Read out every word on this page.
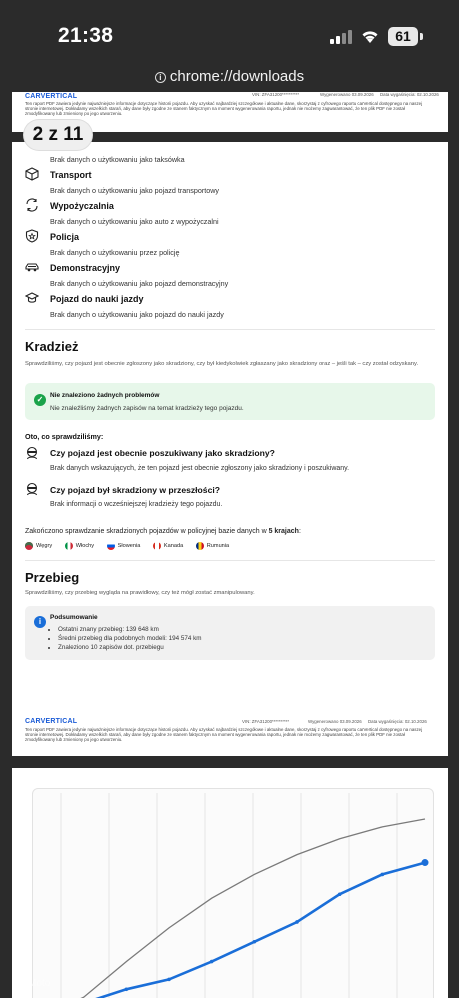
21:38	61
i chrome://downloads
CARVERTICAL	VIN: ZFA31200**********	Wygenerowano 03.09.2026 Data wygaśnięcia: 02.10.2026
Ten raport PDF zawiera jedynie najważniejsze informacje dotyczące historii pojazdu. Aby uzyskać najbardziej szczegółowe i aktualne dane, skorzystaj z cyfrowego raportu carVertical dostępnego na naszej stronie internetowej. Dokładamy wszelkich starań, aby dane były zgodne ze stanem faktycznym na moment wygenerowania raportu, jednak nie możemy zagwarantować, że ten plik PDF nie został zmodyfikowany lub zmieniony po jego utworzeniu.
Brak danych o użytkowaniu jako taksówka
Transport
Brak danych o użytkowaniu jako pojazd transportowy
Wypożyczalnia
Brak danych o użytkowaniu jako auto z wypożyczalni
Policja
Brak danych o użytkowaniu przez policję
Demonstracyjny
Brak danych o użytkowaniu jako pojazd demonstracyjny
Pojazd do nauki jazdy
Brak danych o użytkowaniu jako pojazd do nauki jazdy
Kradzież
Sprawdziliśmy, czy pojazd jest obecnie zgłoszony jako skradziony, czy był kiedykolwiek zgłaszany jako skradziony oraz – jeśli tak – czy został odzyskany.
✓	Nie znaleziono żadnych problemów
Nie znaleźliśmy żadnych zapisów na temat kradzieży tego pojazdu.
Oto, co sprawdziliśmy:
Czy pojazd jest obecnie poszukiwany jako skradziony?
Brak danych wskazujących, że ten pojazd jest obecnie zgłoszony jako skradziony i poszukiwany.
Czy pojazd był skradziony w przeszłości?
Brak informacji o wcześniejszej kradzieży tego pojazdu.
Zakończono sprawdzanie skradzionych pojazdów w policyjnej bazie danych w 5 krajach:
Węgry
	Włochy
	Słowenia
	Kanada
	Rumunia
Przebieg
Sprawdziliśmy, czy przebieg wygląda na prawidłowy, czy też mógł zostać zmanipulowany.
i	Podsumowanie
• Ostatni znany przebieg: 139 648 km
• Średni przebieg dla podobnych modeli: 194 574 km
• Znaleziono 10 zapisów dot. przebiegu
CARVERTICAL	VIN: ZFA31200**********	Wygenerowano 03.09.2026 Data wygaśnięcia: 02.10.2026
Ten raport PDF zawiera jedynie najważniejsze informacje dotyczące historii pojazdu. Aby uzyskać najbardziej szczegółowe i aktualne dane, skorzystaj z cyfrowego raportu carVertical dostępnego na naszej stronie internetowej. Dokładamy wszelkich starań, aby dane były zgodne ze stanem faktycznym na moment wygenerowania raportu, jednak nie możemy zagwarantować, że ten plik PDF nie został zmodyfikowany lub zmieniony po jego utworzeniu.
OtoMoto
2 z 11
